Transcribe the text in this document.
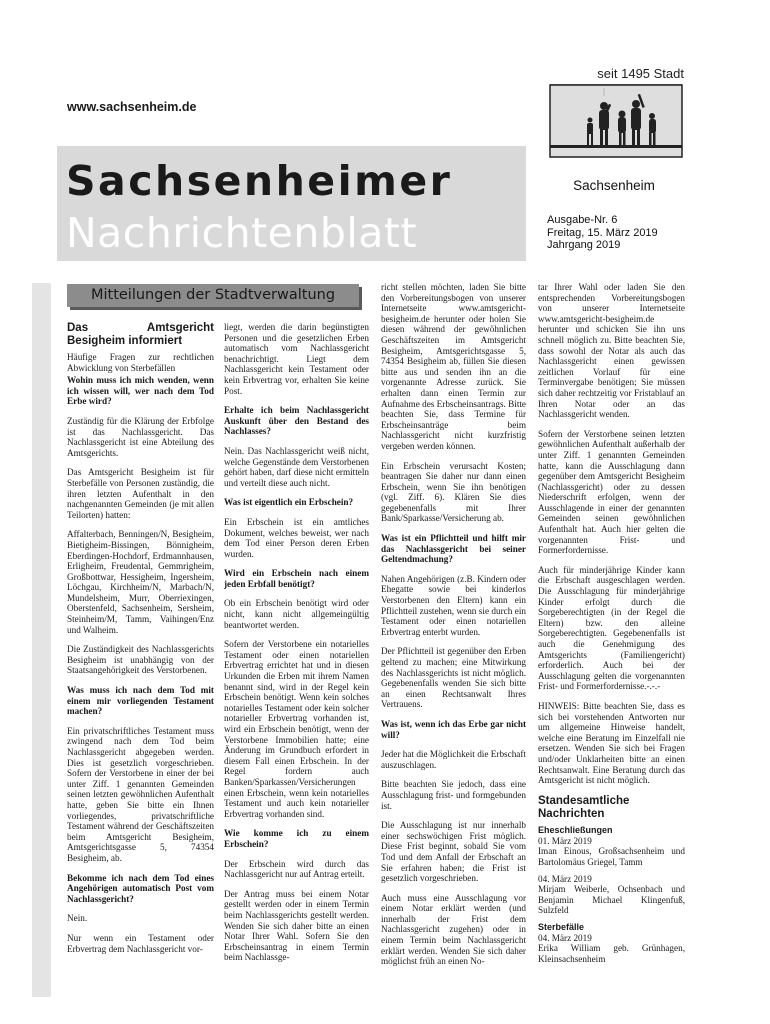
www.sachsenheim.de
Sachsenheimer
Nachrichtenblatt
seit 1495 Stadt
Sachsenheim
Ausgabe-Nr. 6
Freitag, 15. März 2019
Jahrgang 2019
Mitteilungen der Stadtverwaltung
Das Amtsgericht Besigheim informiert

Häufige Fragen zur rechtlichen Abwicklung von Sterbefällen

Wohin muss ich mich wenden, wenn ich wissen will, wer nach dem Tod Erbe wird?

Zuständig für die Klärung der Erbfolge ist das Nachlassgericht. Das Nachlassgericht ist eine Abteilung des Amtsgerichts.

Das Amtsgericht Besigheim ist für Sterbefälle von Personen zuständig, die ihren letzten Aufenthalt in den nachgenannten Gemeinden (je mit allen Teilorten) hatten:

Affalterbach, Benningen/N, Besigheim, Bietigheim-Bissingen, Bönnigheim, Eberdingen-Hochdorf, Erdmannhausen, Erligheim, Freudental, Gemmrigheim, Großbottwar, Hessigheim, Ingersheim, Löchgau, Kirchheim/N, Marbach/N, Mundelsheim, Murr, Oberriexingen, Oberstenfeld, Sachsenheim, Sersheim, Steinheim/M, Tamm, Vaihingen/Enz und Walheim.

Die Zuständigkeit des Nachlassgerichts Besigheim ist unabhängig von der Staatsangehörigkeit des Verstorbenen.

Was muss ich nach dem Tod mit einem mir vorliegenden Testament machen?

Ein privatschriftliches Testament muss zwingend nach dem Tod beim Nachlassgericht abgegeben werden. Dies ist gesetzlich vorgeschrieben. Sofern der Verstorbene in einer der bei unter Ziff. 1 genannten Gemeinden seinen letzten gewöhnlichen Aufenthalt hatte, geben Sie bitte ein Ihnen vorliegendes, privatschriftliche Testament während der Geschäftszeiten beim Amtsgericht Besigheim, Amtsgerichtsgasse 5, 74354 Besigheim, ab.

Bekomme ich nach dem Tod eines Angehörigen automatisch Post vom Nachlassgericht?

Nein.

Nur wenn ein Testament oder Erbvertrag dem Nachlassgericht vor-

liegt, werden die darin begünstigten Personen und die gesetzlichen Erben automatisch vom Nachlassgericht benachrichtigt. Liegt dem Nachlassgericht kein Testament oder kein Erbvertrag vor, erhalten Sie keine Post.

Erhalte ich beim Nachlassgericht Auskunft über den Bestand des Nachlasses?

Nein. Das Nachlassgericht weiß nicht, welche Gegenstände dem Verstorbenen gehört haben, darf diese nicht ermitteln und verteilt diese auch nicht.

Was ist eigentlich ein Erbschein?

Ein Erbschein ist ein amtliches Dokument, welches beweist, wer nach dem Tod einer Person deren Erben wurden.

Wird ein Erbschein nach einem jeden Erbfall benötigt?

Ob ein Erbschein benötigt wird oder nicht, kann nicht allgemeingültig beantwortet werden.

Sofern der Verstorbene ein notarielles Testament oder einen notariellen Erbvertrag errichtet hat und in diesen Urkunden die Erben mit ihrem Namen benannt sind, wird in der Regel kein Erbschein benötigt. Wenn kein solches notarielles Testament oder kein solcher notarieller Erbvertrag vorhanden ist, wird ein Erbschein benötigt, wenn der Verstorbene Immobilien hatte; eine Änderung im Grundbuch erfordert in diesem Fall einen Erbschein. In der Regel fordern auch Banken/Sparkassen/Versicherungen einen Erbschein, wenn kein notarielles Testament und auch kein notarieller Erbvertrag vorhanden sind.

Wie komme ich zu einem Erbschein?

Der Erbschein wird durch das Nachlassgericht nur auf Antrag erteilt.

Der Antrag muss bei einem Notar gestellt werden oder in einem Termin beim Nachlassgerichts gestellt werden. Wenden Sie sich daher bitte an einen Notar Ihrer Wahl. Sofern Sie den Erbscheinsantrag in einem Termin beim Nachlassge-

richt stellen möchten, laden Sie bitte den Vorbereitungsbogen von unserer Internetseite www.amtsgericht-besigheim.de herunter oder holen Sie diesen während der gewöhnlichen Geschäftszeiten im Amtsgericht Besigheim, Amtsgerichtsgasse 5, 74354 Besigheim ab, füllen Sie diesen bitte aus und senden ihn an die vorgenannte Adresse zurück. Sie erhalten dann einen Termin zur Aufnahme des Erbscheinsantrags. Bitte beachten Sie, dass Termine für Erbscheinsanträge beim Nachlassgericht nicht kurzfristig vergeben werden können.

Ein Erbschein verursacht Kosten; beantragen Sie daher nur dann einen Erbschein, wenn Sie ihn benötigen (vgl. Ziff. 6). Klären Sie dies gegebenenfalls mit Ihrer Bank/Sparkasse/Versicherung ab.

Was ist ein Pflichtteil und hilft mir das Nachlassgericht bei seiner Geltendmachung?

Nahen Angehörigen (z.B. Kindern oder Ehegatte sowie bei kinderlos Verstorbenen den Eltern) kann ein Pflichtteil zustehen, wenn sie durch ein Testament oder einen notariellen Erbvertrag enterbt wurden.

Der Pflichtteil ist gegenüber den Erben geltend zu machen; eine Mitwirkung des Nachlassgerichts ist nicht möglich. Gegebenenfalls wenden Sie sich bitte an einen Rechtsanwalt Ihres Vertrauens.

Was ist, wenn ich das Erbe gar nicht will?

Jeder hat die Möglichkeit die Erbschaft auszuschlagen.

Bitte beachten Sie jedoch, dass eine Ausschlagung frist- und formgebunden ist.

Die Ausschlagung ist nur innerhalb einer sechswöchigen Frist möglich. Diese Frist beginnt, sobald Sie vom Tod und dem Anfall der Erbschaft an Sie erfahren haben; die Frist ist gesetzlich vorgeschrieben.

Auch muss eine Ausschlagung vor einem Notar erklärt werden (und innerhalb der Frist dem Nachlassgericht zugehen) oder in einem Termin beim Nachlassgericht erklärt werden. Wenden Sie sich daher möglichst früh an einen No-

tar Ihrer Wahl oder laden Sie den entsprechenden Vorbereitungsbogen von unserer Internetseite www.amtsgericht-besigheim.de herunter und schicken Sie ihn uns schnell möglich zu. Bitte beachten Sie, dass sowohl der Notar als auch das Nachlassgericht einen gewissen zeitlichen Vorlauf für eine Terminvergabe benötigen; Sie müssen sich daher rechtzeitig vor Fristablauf an Ihren Notar oder an das Nachlassgericht wenden.

Sofern der Verstorbene seinen letzten gewöhnlichen Aufenthalt außerhalb der unter Ziff. 1 genannten Gemeinden hatte, kann die Ausschlagung dann gegenüber dem Amtsgericht Besigheim (Nachlassgericht) oder zu dessen Niederschrift erfolgen, wenn der Ausschlagende in einer der genannten Gemeinden seinen gewöhnlichen Aufenthalt hat. Auch hier gelten die vorgenannten Frist- und Formerfordernisse.

Auch für minderjährige Kinder kann die Erbschaft ausgeschlagen werden. Die Ausschlagung für minderjährige Kinder erfolgt durch die Sorgeberechtigten (in der Regel die Eltern) bzw. den alleine Sorgeberechtigten. Gegebenenfalls ist auch die Genehmigung des Amtsgerichts (Familiengericht) erforderlich. Auch bei der Ausschlagung gelten die vorgenannten Frist- und Formerfordernisse.-.-.-

HINWEIS: Bitte beachten Sie, dass es sich bei vorstehenden Antworten nur um allgemeine Hinweise handelt, welche eine Beratung im Einzelfall nie ersetzen. Wenden Sie sich bei Fragen und/oder Unklarheiten bitte an einen Rechtsanwalt. Eine Beratung durch das Amtsgericht ist nicht möglich.

Standesamtliche Nachrichten
Eheschließungen

01. März 2019

Iman Einous, Großsachsenheim und Bartolomäus Griegel, Tamm

04. März 2019

Mirjam Weiberle, Ochsenbach und Benjamin Michael Klingenfuß, Sulzfeld

Sterbefälle

04. März 2019

Erika William geb. Grünhagen, Kleinsachsenheim
